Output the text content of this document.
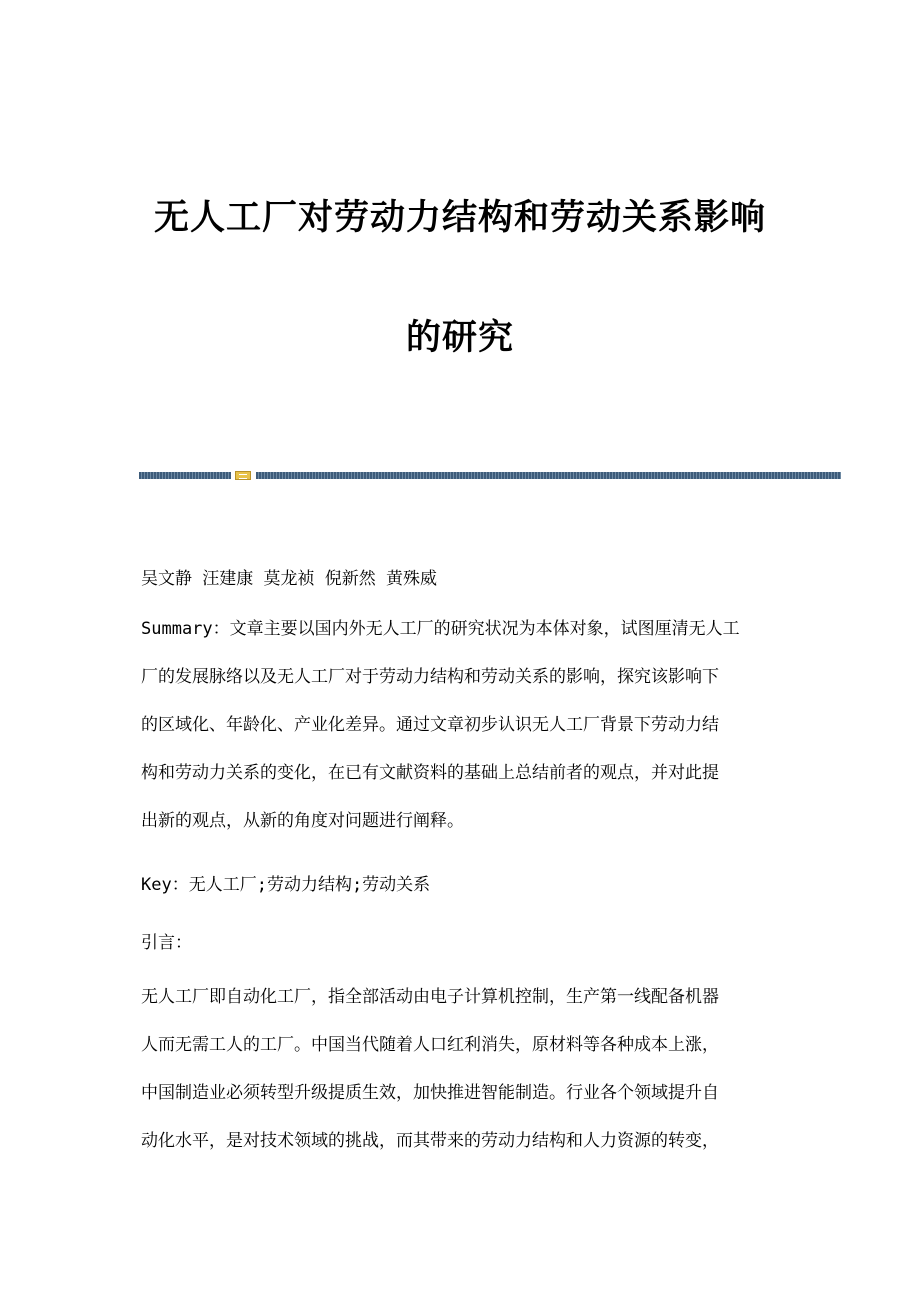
无人工厂对劳动力结构和劳动关系影响
的研究
吴文静 汪建康 莫龙祯 倪新然 黄殊威
Summary：文章主要以国内外无人工厂的研究状况为本体对象，试图厘清无人工
厂的发展脉络以及无人工厂对于劳动力结构和劳动关系的影响，探究该影响下
的区域化、年龄化、产业化差异。通过文章初步认识无人工厂背景下劳动力结
构和劳动力关系的变化，在已有文献资料的基础上总结前者的观点，并对此提
出新的观点，从新的角度对问题进行阐释。
Key：无人工厂;劳动力结构;劳动关系
引言：
无人工厂即自动化工厂，指全部活动由电子计算机控制，生产第一线配备机器
人而无需工人的工厂。中国当代随着人口红利消失，原材料等各种成本上涨，
中国制造业必须转型升级提质生效，加快推进智能制造。行业各个领域提升自
动化水平，是对技术领域的挑战，而其带来的劳动力结构和人力资源的转变，
